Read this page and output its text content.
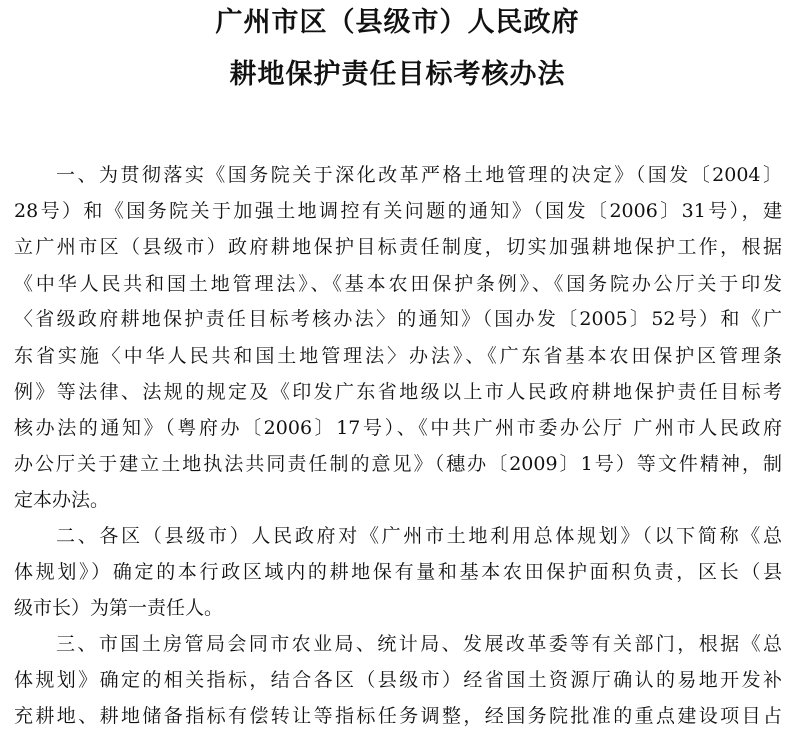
广州市区（县级市）人民政府
耕地保护责任目标考核办法
一、为贯彻落实《国务院关于深化改革严格土地管理的决定》（国发〔2004〕
28号）和《国务院关于加强土地调控有关问题的通知》（国发〔2006〕31号），建
立广州市区（县级市）政府耕地保护目标责任制度，切实加强耕地保护工作，根据
《中华人民共和国土地管理法》、《基本农田保护条例》、《国务院办公厅关于印发
〈省级政府耕地保护责任目标考核办法〉的通知》（国办发〔2005〕52号）和《广
东省实施〈中华人民共和国土地管理法〉办法》、《广东省基本农田保护区管理条
例》等法律、法规的规定及《印发广东省地级以上市人民政府耕地保护责任目标考
核办法的通知》（粤府办〔2006〕17号）、《中共广州市委办公厅 广州市人民政府
办公厅关于建立土地执法共同责任制的意见》（穗办〔2009〕1号）等文件精神，制
定本办法。
二、各区（县级市）人民政府对《广州市土地利用总体规划》（以下简称《总
体规划》）确定的本行政区域内的耕地保有量和基本农田保护面积负责，区长（县
级市长）为第一责任人。
三、市国土房管局会同市农业局、统计局、发展改革委等有关部门，根据《总
体规划》确定的相关指标，结合各区（县级市）经省国土资源厅确认的易地开发补
充耕地、耕地储备指标有偿转让等指标任务调整，经国务院批准的重点建设项目占
